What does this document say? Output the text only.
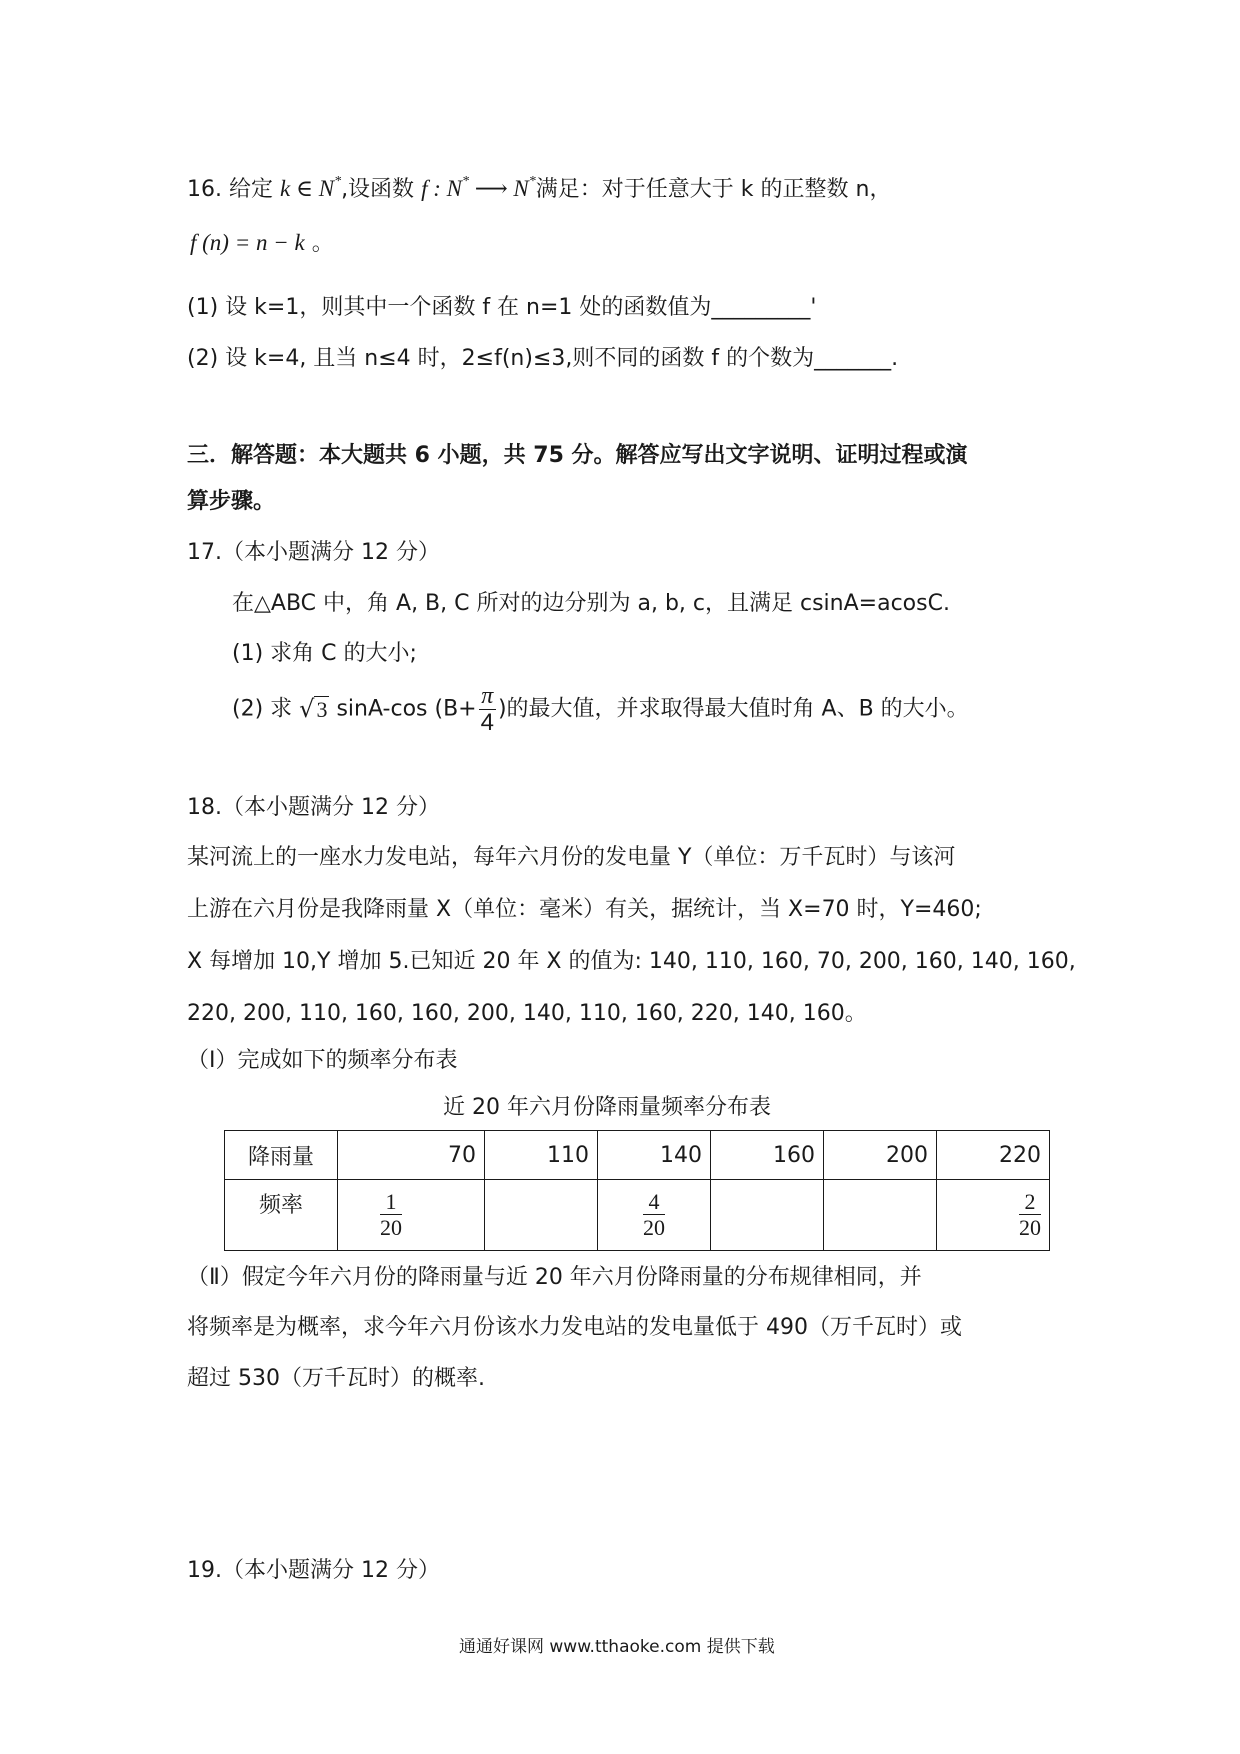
16. 给定 k ∈ N*,设函数 f : N* ⟶ N*满足：对于任意大于 k 的正整数 n，
f (n) = n − k 。
(1) 设 k=1，则其中一个函数 f 在 n=1 处的函数值为_________'
(2) 设 k=4, 且当 n≤4 时，2≤f(n)≤3,则不同的函数 f 的个数为_______.
三．解答题：本大题共 6 小题，共 75 分。解答应写出文字说明、证明过程或演
算步骤。
17.（本小题满分 12 分）
在△ABC 中，角 A, B, C 所对的边分别为 a, b, c，且满足 csinA=acosC.
(1) 求角 C 的大小;
(2) 求 √3 sinA-cos ($B+ \frac{\pi}{4}$ )的最大值，并求取得最大值时角 A、B 的大小。
18.（本小题满分 12 分）
某河流上的一座水力发电站，每年六月份的发电量 Y（单位：万千瓦时）与该河
上游在六月份是我降雨量 X（单位：毫米）有关，据统计，当 X=70 时，Y=460;
X 每增加 10,Y 增加 5.已知近 20 年 X 的值为: 140, 110, 160, 70, 200, 160, 140, 160,
220, 200, 110, 160, 160, 200, 140, 110, 160, 220, 140, 160。
（Ⅰ）完成如下的频率分布表
近 20 年六月份降雨量频率分布表
降雨量	70	110	140	160	200	220
频率	$\frac{1}{20}$		$\frac{4}{20}$			$\frac{2}{20}$
（Ⅱ）假定今年六月份的降雨量与近 20 年六月份降雨量的分布规律相同，并
将频率是为概率，求今年六月份该水力发电站的发电量低于 490（万千瓦时）或
超过 530（万千瓦时）的概率.
19.（本小题满分 12 分）
通通好课网 www.tthaoke.com 提供下载
